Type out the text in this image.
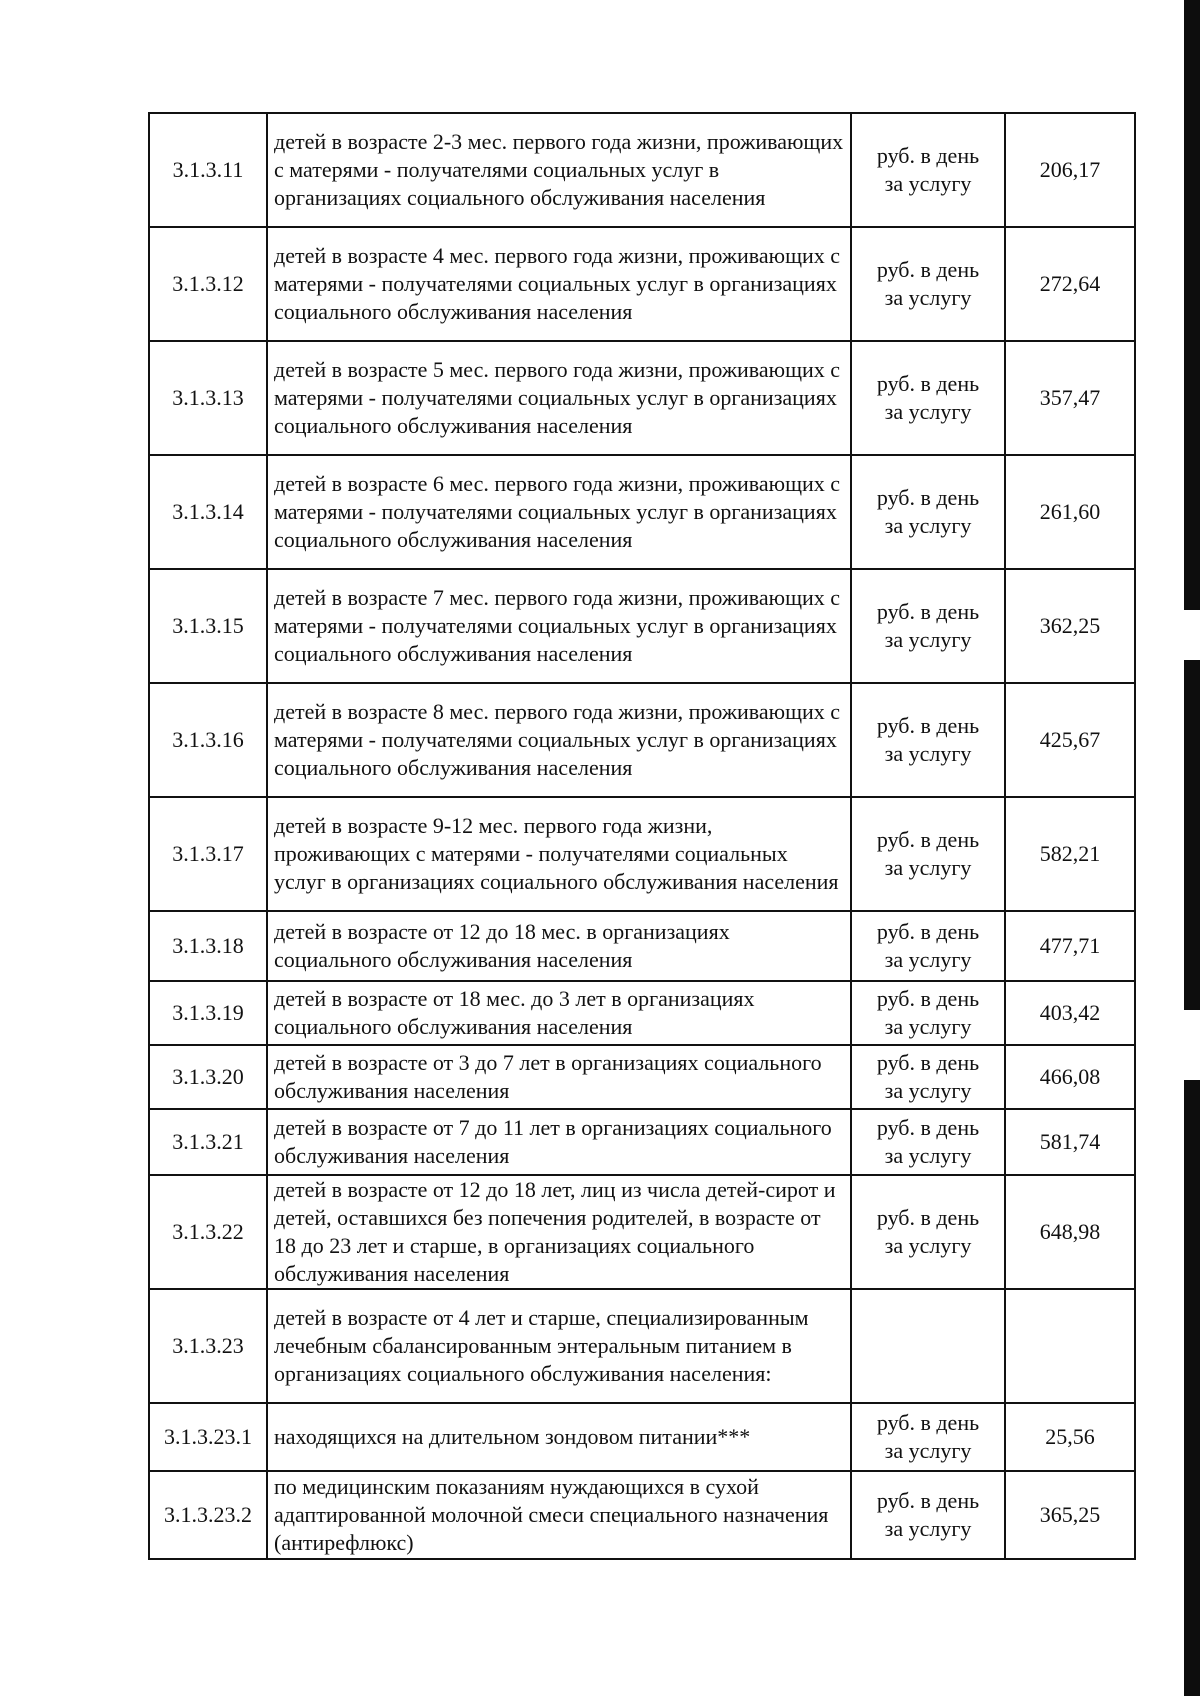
3.1.3.11	детей в возрасте 2-3 мес. первого года жизни, проживающих с матерями - получателями социальных услуг в организациях социального обслуживания населения	руб. в день
за услугу	206,17
3.1.3.12	детей в возрасте 4 мес. первого года жизни, проживающих с матерями - получателями социальных услуг в организациях социального обслуживания населения	руб. в день
за услугу	272,64
3.1.3.13	детей в возрасте 5 мес. первого года жизни, проживающих с матерями - получателями социальных услуг в организациях социального обслуживания населения	руб. в день
за услугу	357,47
3.1.3.14	детей в возрасте 6 мес. первого года жизни, проживающих с матерями - получателями социальных услуг в организациях социального обслуживания населения	руб. в день
за услугу	261,60
3.1.3.15	детей в возрасте 7 мес. первого года жизни, проживающих с матерями - получателями социальных услуг в организациях социального обслуживания населения	руб. в день
за услугу	362,25
3.1.3.16	детей в возрасте 8 мес. первого года жизни, проживающих с матерями - получателями социальных услуг в организациях социального обслуживания населения	руб. в день
за услугу	425,67
3.1.3.17	детей в возрасте 9-12 мес. первого года жизни, проживающих с матерями - получателями социальных услуг в организациях социального обслуживания населения	руб. в день
за услугу	582,21
3.1.3.18	детей в возрасте от 12 до 18 мес. в организациях социального обслуживания населения	руб. в день
за услугу	477,71
3.1.3.19	детей в возрасте от 18 мес. до 3 лет в организациях социального обслуживания населения	руб. в день
за услугу	403,42
3.1.3.20	детей в возрасте от 3 до 7 лет в организациях социального обслуживания населения	руб. в день
за услугу	466,08
3.1.3.21	детей в возрасте от 7 до 11 лет в организациях социального обслуживания населения	руб. в день
за услугу	581,74
3.1.3.22	детей в возрасте от 12 до 18 лет, лиц из числа детей-сирот и детей, оставшихся без попечения родителей, в возрасте от 18 до 23 лет и старше, в организациях социального обслуживания населения	руб. в день
за услугу	648,98
3.1.3.23	детей в возрасте от 4 лет и старше, специализированным лечебным сбалансированным энтеральным питанием в организациях социального обслуживания населения:	

3.1.3.23.1	находящихся на длительном зондовом питании***	руб. в день
за услугу	25,56
3.1.3.23.2	по медицинским показаниям нуждающихся в сухой адаптированной молочной смеси специального назначения (антирефлюкс)	руб. в день
за услугу	365,25
